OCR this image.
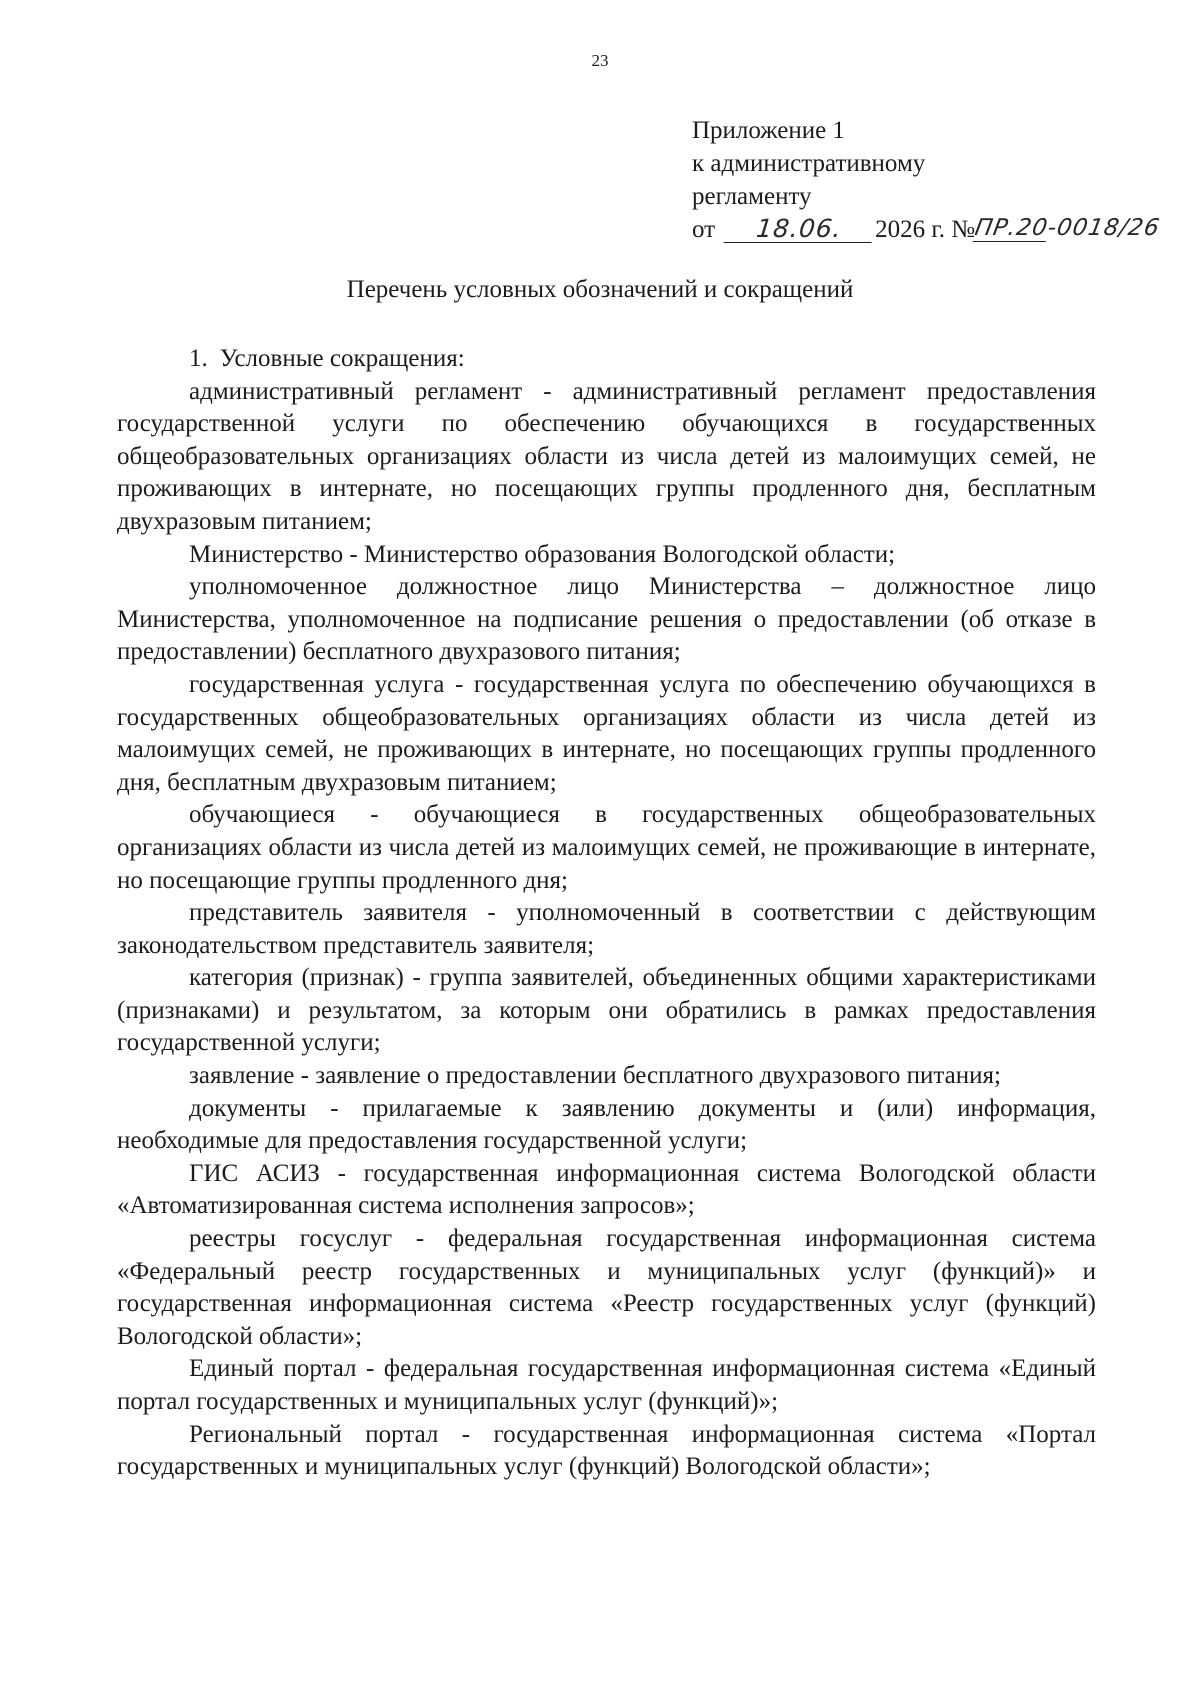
23
Приложение 1
к административному
регламенту
от	18.06.	2026 г. №
ПР.20-0018/26
Перечень условных обозначений и сокращений

1. Условные сокращения:

административный регламент - административный регламент предоставления государственной услуги по обеспечению обучающихся в государственных общеобразовательных организациях области из числа детей из малоимущих семей, не проживающих в интернате, но посещающих группы продленного дня, бесплатным двухразовым питанием;

Министерство - Министерство образования Вологодской области;

уполномоченное должностное лицо Министерства – должностное лицо Министерства, уполномоченное на подписание решения о предоставлении (об отказе в предоставлении) бесплатного двухразового питания;

государственная услуга - государственная услуга по обеспечению обучающихся в государственных общеобразовательных организациях области из числа детей из малоимущих семей, не проживающих в интернате, но посещающих группы продленного дня, бесплатным двухразовым питанием;

обучающиеся - обучающиеся в государственных общеобразовательных организациях области из числа детей из малоимущих семей, не проживающие в интернате, но посещающие группы продленного дня;

представитель заявителя - уполномоченный в соответствии с действующим законодательством представитель заявителя;

категория (признак) - группа заявителей, объединенных общими характеристиками (признаками) и результатом, за которым они обратились в рамках предоставления государственной услуги;

заявление - заявление о предоставлении бесплатного двухразового питания;

документы - прилагаемые к заявлению документы и (или) информация, необходимые для предоставления государственной услуги;

ГИС АСИЗ - государственная информационная система Вологодской области «Автоматизированная система исполнения запросов»;

реестры госуслуг - федеральная государственная информационная система «Федеральный реестр государственных и муниципальных услуг (функций)» и государственная информационная система «Реестр государственных услуг (функций) Вологодской области»;

Единый портал - федеральная государственная информационная система «Единый портал государственных и муниципальных услуг (функций)»;

Региональный портал - государственная информационная система «Портал государственных и муниципальных услуг (функций) Вологодской области»;
